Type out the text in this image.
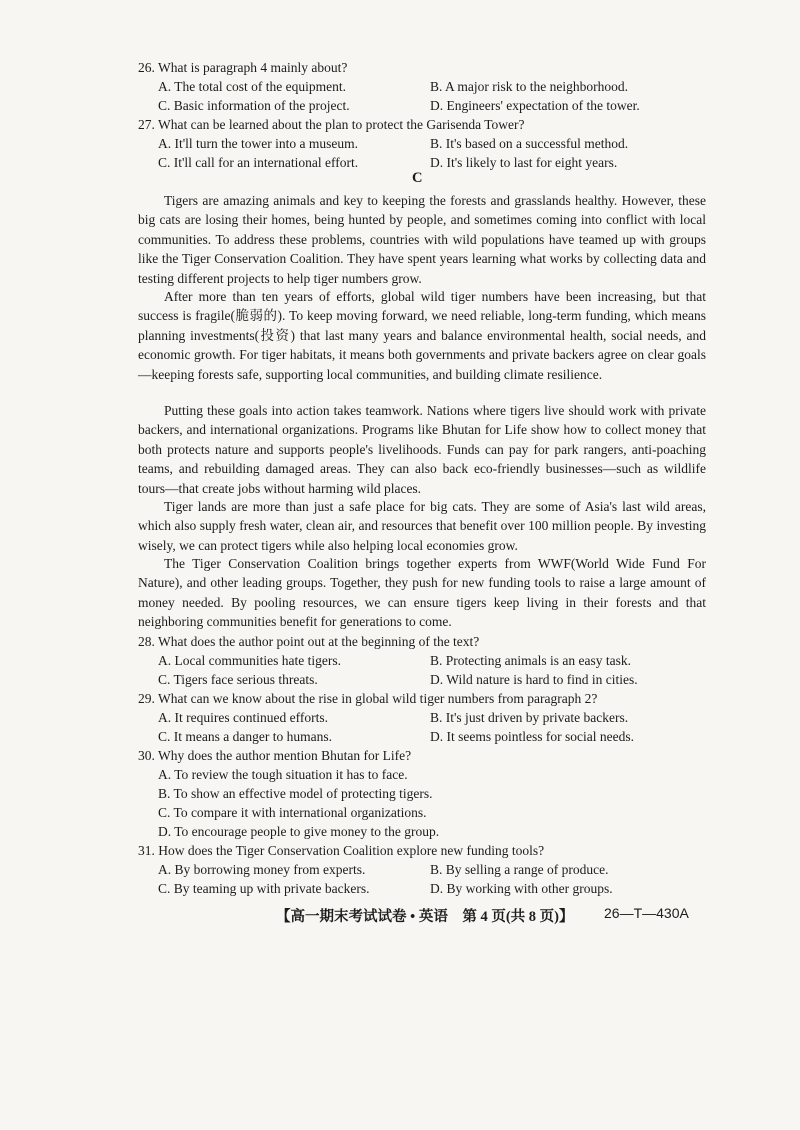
26. What is paragraph 4 mainly about?
A. The total cost of the equipment.	B. A major risk to the neighborhood.
C. Basic information of the project.	D. Engineers' expectation of the tower.
27. What can be learned about the plan to protect the Garisenda Tower?
A. It'll turn the tower into a museum.	B. It's based on a successful method.
C. It'll call for an international effort.	D. It's likely to last for eight years.
C

Tigers are amazing animals and key to keeping the forests and grasslands healthy. However, these big cats are losing their homes, being hunted by people, and sometimes coming into conflict with local communities. To address these problems, countries with wild populations have teamed up with groups like the Tiger Conservation Coalition. They have spent years learning what works by collecting data and testing different projects to help tiger numbers grow.

After more than ten years of efforts, global wild tiger numbers have been increasing, but that success is fragile(脆弱的). To keep moving forward, we need reliable, long-term funding, which means planning investments(投资) that last many years and balance environmental health, social needs, and economic growth. For tiger habitats, it means both governments and private backers agree on clear goals—keeping forests safe, supporting local communities, and building climate resilience.

Putting these goals into action takes teamwork. Nations where tigers live should work with private backers, and international organizations. Programs like Bhutan for Life show how to collect money that both protects nature and supports people's livelihoods. Funds can pay for park rangers, anti-poaching teams, and rebuilding damaged areas. They can also back eco-friendly businesses—such as wildlife tours—that create jobs without harming wild places.

Tiger lands are more than just a safe place for big cats. They are some of Asia's last wild areas, which also supply fresh water, clean air, and resources that benefit over 100 million people. By investing wisely, we can protect tigers while also helping local economies grow.

The Tiger Conservation Coalition brings together experts from WWF(World Wide Fund For Nature), and other leading groups. Together, they push for new funding tools to raise a large amount of money needed. By pooling resources, we can ensure tigers keep living in their forests and that neighboring communities benefit for generations to come.

28. What does the author point out at the beginning of the text?
A. Local communities hate tigers.	B. Protecting animals is an easy task.
C. Tigers face serious threats.	D. Wild nature is hard to find in cities.
29. What can we know about the rise in global wild tiger numbers from paragraph 2?
A. It requires continued efforts.	B. It's just driven by private backers.
C. It means a danger to humans.	D. It seems pointless for social needs.
30. Why does the author mention Bhutan for Life?
A. To review the tough situation it has to face.
B. To show an effective model of protecting tigers.
C. To compare it with international organizations.
D. To encourage people to give money to the group.
31. How does the Tiger Conservation Coalition explore new funding tools?
A. By borrowing money from experts.	B. By selling a range of produce.
C. By teaming up with private backers.	D. By working with other groups.
【高一期末考试试卷 • 英语　第 4 页(共 8 页)】 26—T—430A
